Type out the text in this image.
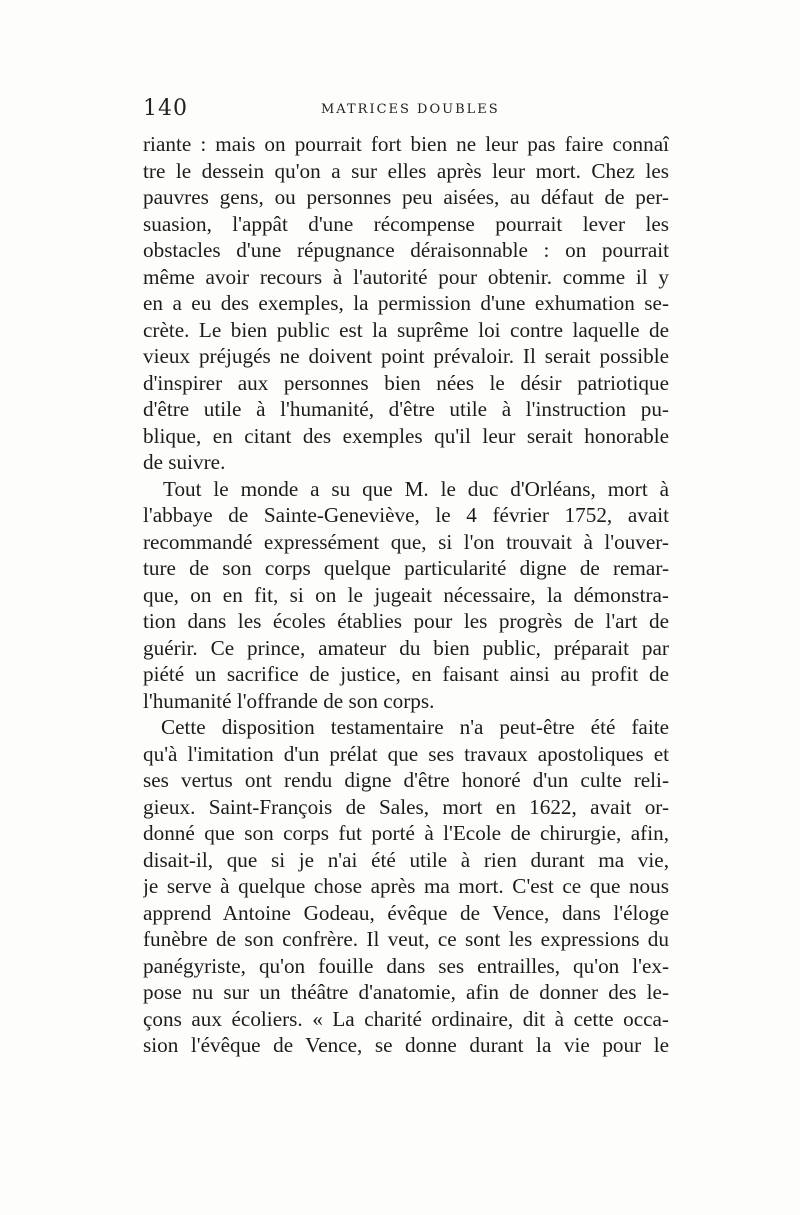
140	MATRICES DOUBLES
riante : mais on pourrait fort bien ne leur pas faire connaî
tre le dessein qu'on a sur elles après leur mort. Chez les
pauvres gens, ou personnes peu aisées, au défaut de per-
suasion, l'appât d'une récompense pourrait lever les
obstacles d'une répugnance déraisonnable : on pourrait
même avoir recours à l'autorité pour obtenir. comme il y
en a eu des exemples, la permission d'une exhumation se-
crète. Le bien public est la suprême loi contre laquelle de
vieux préjugés ne doivent point prévaloir. Il serait possible
d'inspirer aux personnes bien nées le désir patriotique
d'être utile à l'humanité, d'être utile à l'instruction pu-
blique, en citant des exemples qu'il leur serait honorable
de suivre.
Tout le monde a su que M. le duc d'Orléans, mort à
l'abbaye de Sainte-Geneviève, le 4 février 1752, avait
recommandé expressément que, si l'on trouvait à l'ouver-
ture de son corps quelque particularité digne de remar-
que, on en fit, si on le jugeait nécessaire, la démonstra-
tion dans les écoles établies pour les progrès de l'art de
guérir. Ce prince, amateur du bien public, préparait par
piété un sacrifice de justice, en faisant ainsi au profit de
l'humanité l'offrande de son corps.
Cette disposition testamentaire n'a peut-être été faite
qu'à l'imitation d'un prélat que ses travaux apostoliques et
ses vertus ont rendu digne d'être honoré d'un culte reli-
gieux. Saint-François de Sales, mort en 1622, avait or-
donné que son corps fut porté à l'Ecole de chirurgie, afin,
disait-il, que si je n'ai été utile à rien durant ma vie,
je serve à quelque chose après ma mort. C'est ce que nous
apprend Antoine Godeau, évêque de Vence, dans l'éloge
funèbre de son confrère. Il veut, ce sont les expressions du
panégyriste, qu'on fouille dans ses entrailles, qu'on l'ex-
pose nu sur un théâtre d'anatomie, afin de donner des le-
çons aux écoliers. « La charité ordinaire, dit à cette occa-
sion l'évêque de Vence, se donne durant la vie pour le
